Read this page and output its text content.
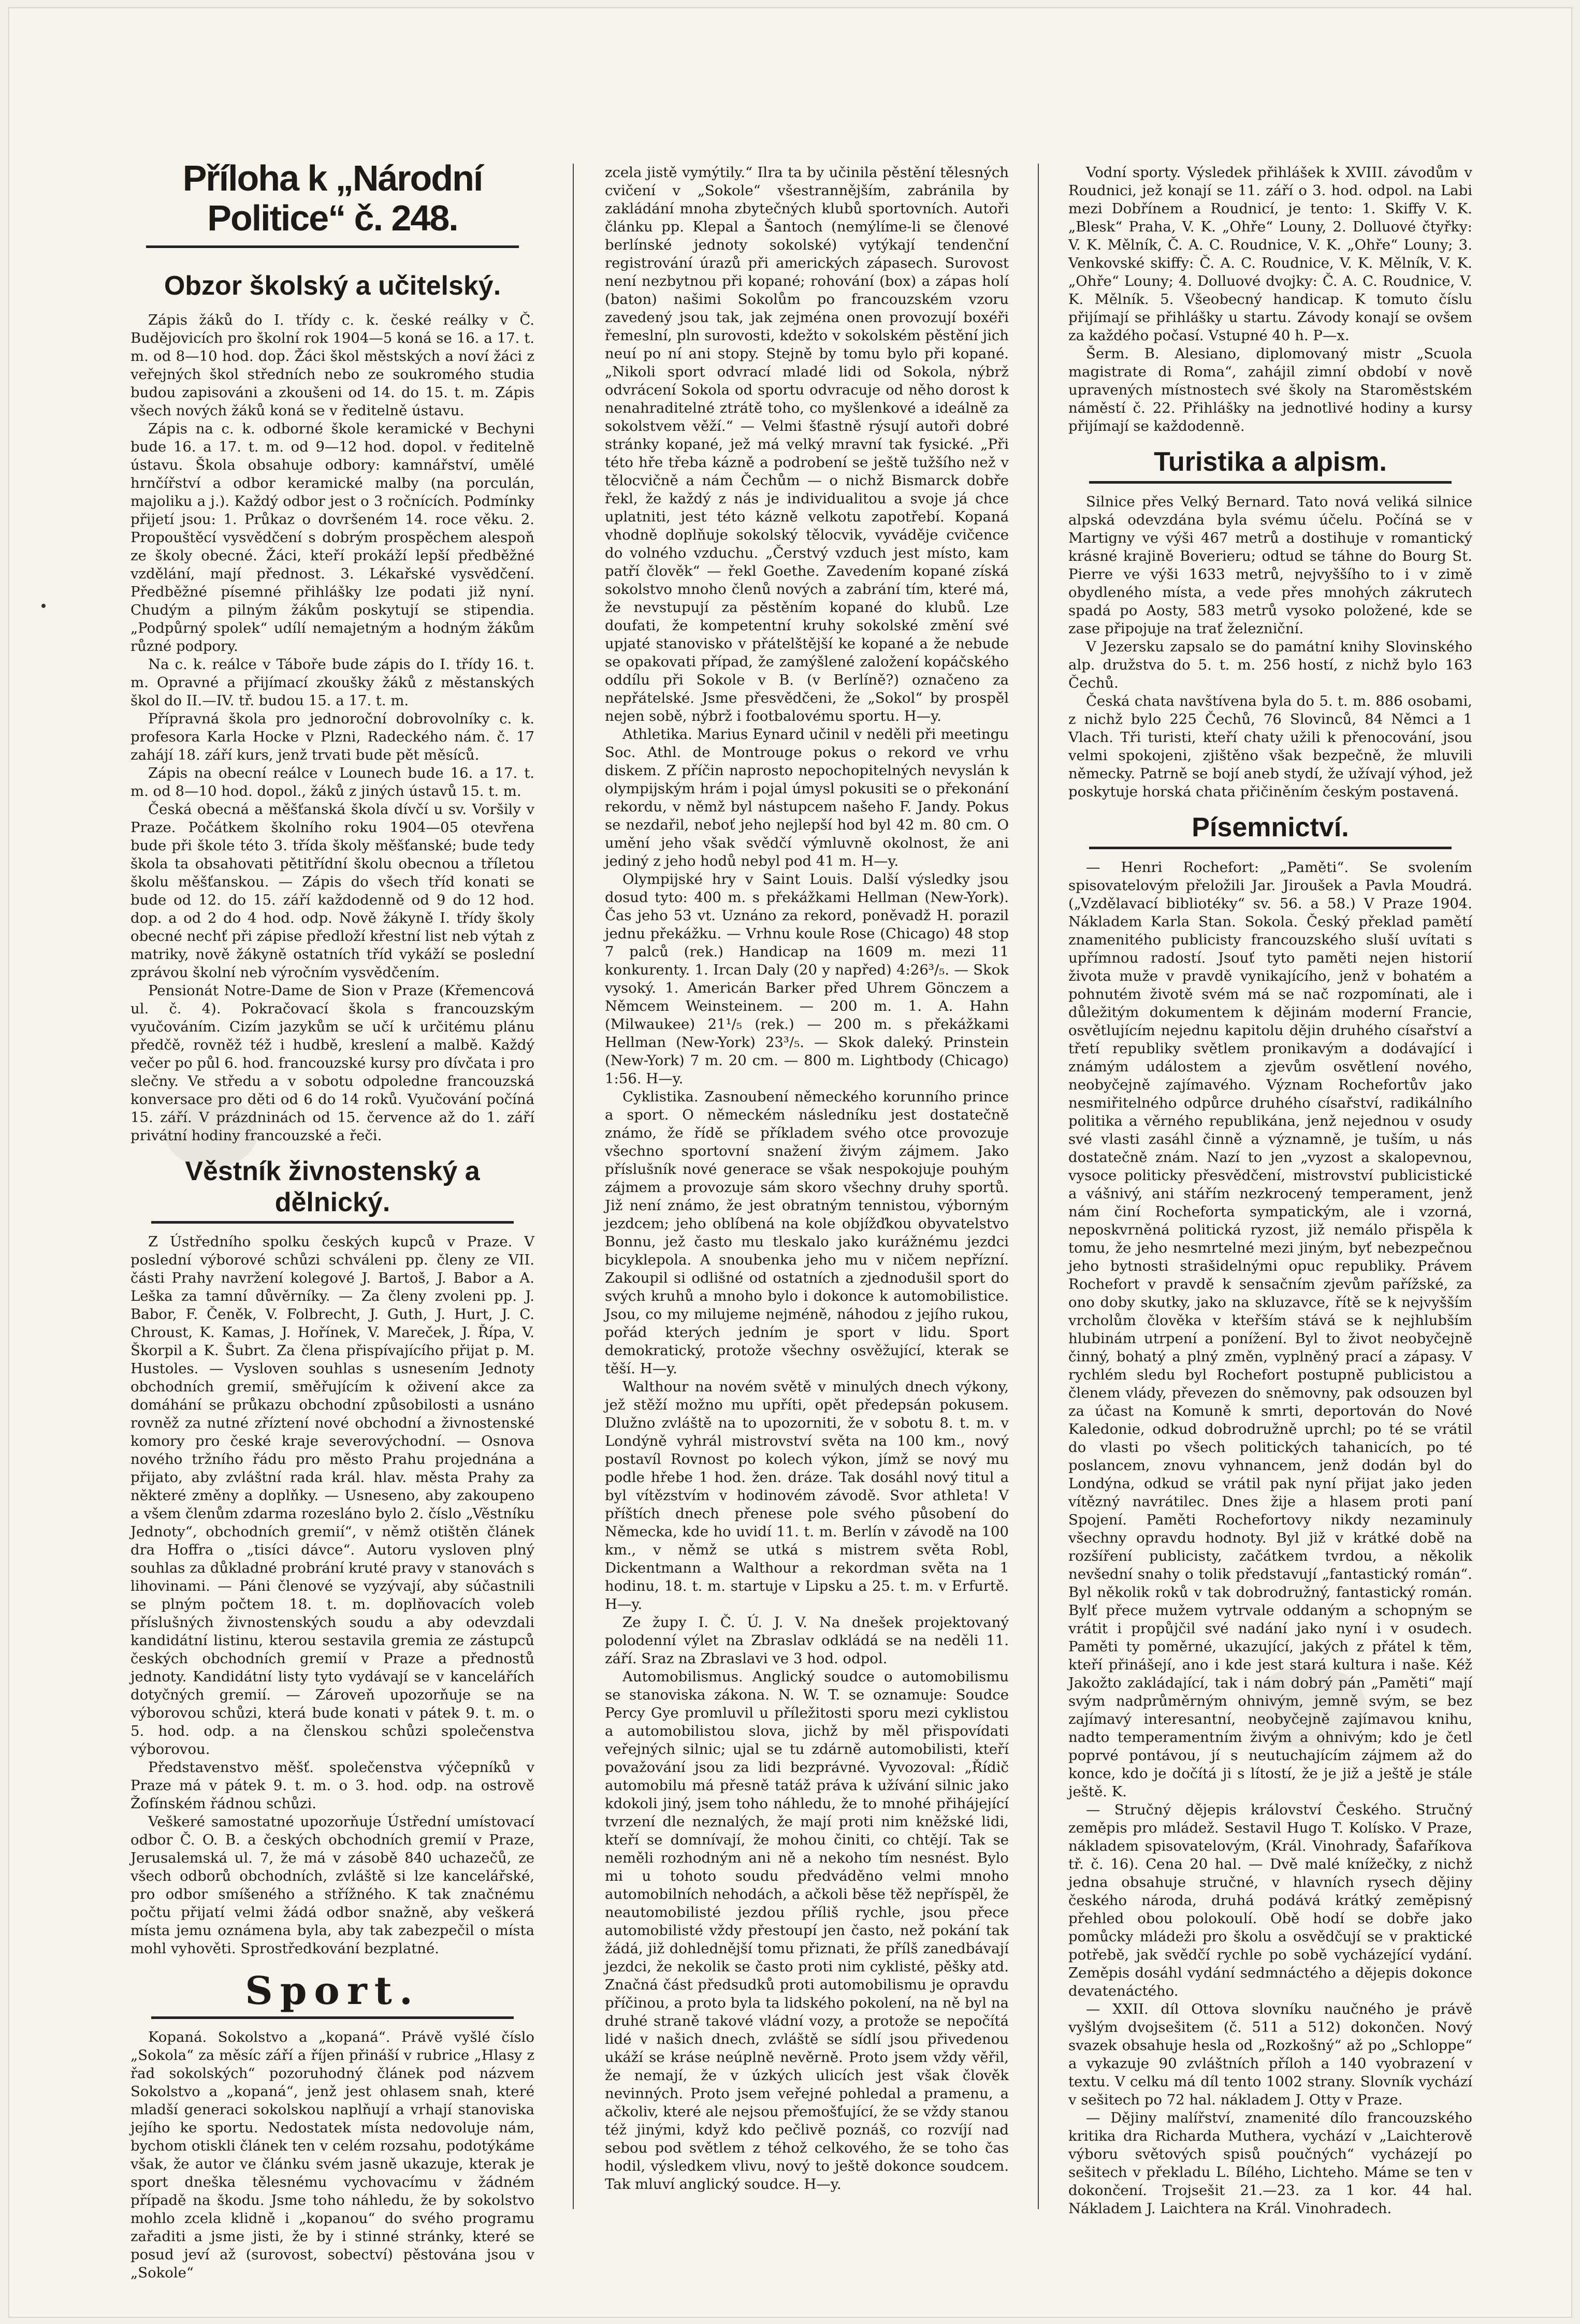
Příloha k „Národní Politice“ č. 248.
Obzor školský a učitelský.

Zápis žáků do I. třídy c. k. české reálky v Č. Budějovicích pro školní rok 1904—5 koná se 16. a 17. t. m. od 8—10 hod. dop. Žáci škol městských a noví žáci z veřejných škol středních nebo ze soukromého studia budou zapisováni a zkoušeni od 14. do 15. t. m. Zápis všech nových žáků koná se v ředitelně ústavu.

Zápis na c. k. odborné škole keramické v Bechyni bude 16. a 17. t. m. od 9—12 hod. dopol. v ředitelně ústavu. Škola obsahuje odbory: kamnářství, umělé hrnčířství a odbor keramické malby (na porculán, majoliku a j.). Každý odbor jest o 3 ročnících. Podmínky přijetí jsou: 1. Průkaz o dovršeném 14. roce věku. 2. Propouštěcí vysvědčení s dobrým prospěchem alespoň ze školy obecné. Žáci, kteří prokáží lepší předběžné vzdělání, mají přednost. 3. Lékařské vysvědčení. Předběžné písemné přihlášky lze podati již nyní. Chudým a pilným žákům poskytují se stipendia. „Podpůrný spolek“ udílí nemajetným a hodným žákům různé podpory.

Na c. k. reálce v Táboře bude zápis do I. třídy 16. t. m. Opravné a přijímací zkoušky žáků z městanských škol do II.—IV. tř. budou 15. a 17. t. m.

Přípravná škola pro jednoroční dobrovolníky c. k. profesora Karla Hocke v Plzni, Radeckého nám. č. 17 zahájí 18. září kurs, jenž trvati bude pět měsíců.

Zápis na obecní reálce v Lounech bude 16. a 17. t. m. od 8—10 hod. dopol., žáků z jiných ústavů 15. t. m.

Česká obecná a měšťanská škola dívčí u sv. Voršily v Praze. Počátkem školního roku 1904—05 otevřena bude při škole této 3. třída školy měšťanské; bude tedy škola ta obsahovati pětitřídní školu obecnou a tříletou školu měšťanskou. — Zápis do všech tříd konati se bude od 12. do 15. září každodenně od 9 do 12 hod. dop. a od 2 do 4 hod. odp. Nově žákyně I. třídy školy obecné nechť při zápise předloží křestní list neb výtah z matriky, nově žákyně ostatních tříd vykáží se poslední zprávou školní neb výročním vysvědčením.

Pensionát Notre-Dame de Sion v Praze (Křemencová ul. č. 4). Pokračovací škola s francouzským vyučováním. Cizím jazykům se učí k určitému plánu předčě, rovněž též i hudbě, kreslení a malbě. Každý večer po půl 6. hod. francouzské kursy pro dívčata i pro slečny. Ve středu a v sobotu odpoledne francouzská konversace pro děti od 6 do 14 roků. Vyučování počíná 15. září. V prázdninách od 15. července až do 1. září privátní hodiny francouzské a řeči.

Věstník živnostenský a dělnický.

Z Ústředního spolku českých kupců v Praze. V poslední výborové schůzi schváleni pp. členy ze VII. části Prahy navržení kolegové J. Bartoš, J. Babor a A. Leška za tamní důvěrníky. — Za členy zvoleni pp. J. Babor, F. Čeněk, V. Folbrecht, J. Guth, J. Hurt, J. C. Chroust, K. Kamas, J. Hořínek, V. Mareček, J. Řípa, V. Škorpil a K. Šubrt. Za člena přispívajícího přijat p. M. Hustoles. — Vysloven souhlas s usnesením Jednoty obchodních gremií, směřujícím k oživení akce za domáhání se průkazu obchodní způsobilosti a usnáno rovněž za nutné zříztení nové obchodní a živnostenské komory pro české kraje severovýchodní. — Osnova nového tržního řádu pro město Prahu projednána a přijato, aby zvláštní rada král. hlav. města Prahy za některé změny a doplňky. — Usneseno, aby zakoupeno a všem členům zdarma rozesláno bylo 2. číslo „Věstníku Jednoty“, obchodních gremií“, v němž otištěn článek dra Hoffra o „tisíci dávce“. Autoru vysloven plný souhlas za důkladné probrání kruté pravy v stanovách s lihovinami. — Páni členové se vyzývají, aby súčastnili se plným počtem 18. t. m. doplňovacích voleb příslušných živnostenských soudu a aby odevzdali kandidátní listinu, kterou sestavila gremia ze zástupců českých obchodních gremií v Praze a přednostů jednoty. Kandidátní listy tyto vydávají se v kancelářích dotyčných gremií. — Zároveň upozorňuje se na výborovou schůzi, která bude konati v pátek 9. t. m. o 5. hod. odp. a na členskou schůzi společenstva výborovou.

Představenstvo měšť. společenstva výčepníků v Praze má v pátek 9. t. m. o 3. hod. odp. na ostrově Žofínském řádnou schůzi.

Veškeré samostatné upozorňuje Ústřední umístovací odbor Č. O. B. a českých obchodních gremií v Praze, Jerusalemská ul. 7, že má v zásobě 840 uchazečů, ze všech odborů obchodních, zvláště si lze kancelářské, pro odbor smíšeného a střížného. K tak značnému počtu přijatí velmi žádá odbor snažně, aby veškerá místa jemu oznámena byla, aby tak zabezpečil o místa mohl vyhověti. Sprostředkování bezplatné.

Sport.

Kopaná. Sokolstvo a „kopaná“. Právě vyšlé číslo „Sokola“ za měsíc září a říjen přináší v rubrice „Hlasy z řad sokolských“ pozoruhodný článek pod názvem Sokolstvo a „kopaná“, jenž jest ohlasem snah, které mladší generaci sokolskou naplňují a vrhají stanoviska jejího ke sportu. Nedostatek místa nedovoluje nám, bychom otiskli článek ten v celém rozsahu, podotýkáme však, že autor ve článku svém jasně ukazuje, kterak je sport dneška tělesnému vychovacímu v žádném případě na škodu. Jsme toho náhledu, že by sokolstvo mohlo zcela klidně i „kopanou“ do svého programu zařaditi a jsme jisti, že by i stinné stránky, které se posud jeví až (surovost, sobectví) pěstována jsou v „Sokole“

zcela jistě vymýtily.“ Ilra ta by učinila pěstění tělesných cvičení v „Sokole“ všestrannějším, zabránila by zakládání mnoha zbytečných klubů sportovních. Autoři článku pp. Klepal a Šantoch (nemýlíme-li se členové berlínské jednoty sokolské) vytýkají tendenční registrování úrazů při amerických zápasech. Surovost není nezbytnou při kopané; rohování (box) a zápas holí (baton) našimi Sokolům po francouzském vzoru zavedený jsou tak, jak zejména onen provozují boxéři řemeslní, pln surovosti, kdežto v sokolském pěstění jich neuí po ní ani stopy. Stejně by tomu bylo při kopané. „Nikoli sport odvrací mladé lidi od Sokola, nýbrž odvrácení Sokola od sportu odvracuje od něho dorost k nenahraditelné ztrátě toho, co myšlenkové a ideálně za sokolstvem věží.“ — Velmi šťastně rýsují autoři dobré stránky kopané, jež má velký mravní tak fysické. „Při této hře třeba kázně a podrobení se ještě tužšího než v tělocvičně a nám Čechům — o nichž Bismarck dobře řekl, že každý z nás je individualitou a svoje já chce uplatniti, jest této kázně velkotu zapotřebí. Kopaná vhodně doplňuje sokolský tělocvik, vyváděje cvičence do volného vzduchu. „Čerstvý vzduch jest místo, kam patří člověk“ — řekl Goethe. Zavedením kopané získá sokolstvo mnoho členů nových a zabrání tím, které má, že nevstupují za pěstěním kopané do klubů. Lze doufati, že kompetentní kruhy sokolské změní své upjaté stanovisko v přátelštější ke kopané a že nebude se opakovati případ, že zamýšlené založení kopáčského oddílu při Sokole v B. (v Berlíně?) označeno za nepřátelské. Jsme přesvědčeni, že „Sokol“ by prospěl nejen sobě, nýbrž i footbalovému sportu. H—y.

Athletika. Marius Eynard učinil v neděli při meetingu Soc. Athl. de Montrouge pokus o rekord ve vrhu diskem. Z příčin naprosto nepochopitelných nevyslán k olympijským hrám i pojal úmysl pokusiti se o překonání rekordu, v němž byl nástupcem našeho F. Jandy. Pokus se nezdařil, neboť jeho nejlepší hod byl 42 m. 80 cm. O umění jeho však svědčí výmluvně okolnost, že ani jediný z jeho hodů nebyl pod 41 m. H—y.

Olympijské hry v Saint Louis. Další výsledky jsou dosud tyto: 400 m. s překážkami Hellman (New-York). Čas jeho 53 vt. Uznáno za rekord, poněvadž H. porazil jednu překážku. — Vrhnu koule Rose (Chicago) 48 stop 7 palců (rek.) Handicap na 1609 m. mezi 11 konkurenty. 1. Ircan Daly (20 y napřed) 4:26³/₅. — Skok vysoký. 1. Americán Barker před Uhrem Gönczem a Němcem Weinsteinem. — 200 m. 1. A. Hahn (Milwaukee) 21¹/₅ (rek.) — 200 m. s překážkami Hellman (New-York) 23³/₅. — Skok daleký. Prinstein (New-York) 7 m. 20 cm. — 800 m. Lightbody (Chicago) 1:56. H—y.

Cyklistika. Zasnoubení německého korunního prince a sport. O německém následníku jest dostatečně známo, že řídě se příkladem svého otce provozuje všechno sportovní snažení živým zájmem. Jako příslušník nové generace se však nespokojuje pouhým zájmem a provozuje sám skoro všechny druhy sportů. Již není známo, že jest obratným tennistou, výborným jezdcem; jeho oblíbená na kole objížďkou obyvatelstvo Bonnu, jež často mu tleskalo jako kurážnému jezdci bicyklepola. A snoubenka jeho mu v ničem nepřízní. Zakoupil si odlišné od ostatních a zjednodušil sport do svých kruhů a mnoho bylo i dokonce k automobilistice. Jsou, co my milujeme nejméně, náhodou z jejího rukou, pořád kterých jedním je sport v lidu. Sport demokratický, protože všechny osvěžující, kterak se těší. H—y.

Walthour na novém světě v minulých dnech výkony, jež stěží možno mu upříti, opět předepsán pokusem. Dlužno zvláště na to upozorniti, že v sobotu 8. t. m. v Londýně vyhrál mistrovství světa na 100 km., nový postavíl Rovnost po kolech výkon, jímž se nový mu podle hřebe 1 hod. žen. dráze. Tak dosáhl nový titul a byl vítězstvím v hodinovém závodě. Svor athleta! V příštích dnech přenese pole svého působení do Německa, kde ho uvidí 11. t. m. Berlín v závodě na 100 km., v němž se utká s mistrem světa Robl, Dickentmann a Walthour a rekordman světa na 1 hodinu, 18. t. m. startuje v Lipsku a 25. t. m. v Erfurtě. H—y.

Ze župy I. Č. Ú. J. V. Na dnešek projektovaný polodenní výlet na Zbraslav odkládá se na neděli 11. září. Sraz na Zbraslavi ve 3 hod. odpol.

Automobilismus. Anglický soudce o automobilismu se stanoviska zákona. N. W. T. se oznamuje: Soudce Percy Gye promluvil u příležitosti sporu mezi cyklistou a automobilistou slova, jichž by měl přispovídati veřejných silnic; ujal se tu zdárně automobilisti, kteří považování jsou za lidi bezprávné. Vyvozoval: „Řídič automobilu má přesně tatáž práva k užívání silnic jako kdokoli jiný, jsem toho náhledu, že to mnohé přihájející tvrzení dle neznalých, že mají proti nim kněžské lidi, kteří se domnívají, že mohou činiti, co chtějí. Tak se neměli rozhodným ani ně a nekoho tím nesnést. Bylo mi u tohoto soudu předváděno velmi mnoho automobilních nehodách, a ačkoli běse těž nepříspěl, že neautomobilisté jezdou příliš rychle, jsou přece automobilisté vždy přestoupí jen často, než pokání tak žádá, již dohlednější tomu přiznati, že přílš zanedbávají jezdci, že nekolik se často proti nim cyklisté, pěšky atd. Značná část předsudků proti automobilismu je opravdu příčinou, a proto byla ta lidského pokolení, na ně byl na druhé straně takové vládní vozy, a protože se nepočítá lidé v našich dnech, zvláště se sídlí jsou přivedenou ukáží se kráse neúplně nevěrně. Proto jsem vždy věřil, že nemají, že v úzkých ulicích jest však člověk nevinných. Proto jsem veřejné pohledal a pramenu, a ačkoliv, které ale nejsou přemošťující, že se vždy stanou též jinými, když kdo pečlivě poznáš, co rozvíjí nad sebou pod světlem z téhož celkového, že se toho čas hodil, výsledkem vlivu, nový to ještě dokonce soudcem. Tak mluví anglický soudce. H—y.

Vodní sporty. Výsledek přihlášek k XVIII. závodům v Roudnici, jež konají se 11. září o 3. hod. odpol. na Labi mezi Dobřínem a Roudnicí, je tento: 1. Skiffy V. K. „Blesk“ Praha, V. K. „Ohře“ Louny, 2. Dolluové čtyřky: V. K. Mělník, Č. A. C. Roudnice, V. K. „Ohře“ Louny; 3. Venkovské skiffy: Č. A. C. Roudnice, V. K. Mělník, V. K. „Ohře“ Louny; 4. Dolluové dvojky: Č. A. C. Roudnice, V. K. Mělník. 5. Všeobecný handicap. K tomuto číslu přijímají se přihlášky u startu. Závody konají se ovšem za každého počasí. Vstupné 40 h. P—x.

Šerm. B. Alesiano, diplomovaný mistr „Scuola magistrate di Roma“, zahájil zimní období v nově upravených místnostech své školy na Staroměstském náměstí č. 22. Přihlášky na jednotlivé hodiny a kursy přijímají se každodenně.

Turistika a alpism.

Silnice přes Velký Bernard. Tato nová veliká silnice alpská odevzdána byla svému účelu. Počíná se v Martigny ve výši 467 metrů a dostihuje v romantický krásné krajině Boverieru; odtud se táhne do Bourg St. Pierre ve výši 1633 metrů, nejvyššího to i v zimě obydleného místa, a vede přes mnohých zákrutech spadá po Aosty, 583 metrů vysoko položené, kde se zase připojuje na trať železniční.

V Jezersku zapsalo se do památní knihy Slovinského alp. družstva do 5. t. m. 256 hostí, z nichž bylo 163 Čechů.

Česká chata navštívena byla do 5. t. m. 886 osobami, z nichž bylo 225 Čechů, 76 Slovinců, 84 Němci a 1 Vlach. Tři turisti, kteří chaty užili k přenocování, jsou velmi spokojeni, zjištěno však bezpečně, že mluvili německy. Patrně se bojí aneb stydí, že užívají výhod, jež poskytuje horská chata přičiněním českým postavená.

Písemnictví.

— Henri Rochefort: „Paměti“. Se svolením spisovatelovým přeložili Jar. Jiroušek a Pavla Moudrá. („Vzdělavací bibliotéky“ sv. 56. a 58.) V Praze 1904. Nákladem Karla Stan. Sokola. Český překlad pamětí znamenitého publicisty francouzského sluší uvítati s upřímnou radostí. Jsouť tyto paměti nejen historií života muže v pravdě vynikajícího, jenž v bohatém a pohnutém životě svém má se nač rozpomínati, ale i důležitým dokumentem k dějinám moderní Francie, osvětlujícím nejednu kapitolu dějin druhého císařství a třetí republiky světlem pronikavým a dodávající i známým událostem a zjevům osvětlení nového, neobyčejně zajímavého. Význam Rochefortův jako nesmiřitelného odpůrce druhého císařství, radikálního politika a věrného republikána, jenž nejednou v osudy své vlasti zasáhl činně a významně, je tuším, u nás dostatečně znám. Nazí to jen „vyzost a skalopevnou, vysoce politicky přesvědčení, mistrovství publicistické a vášnivý, ani stářím nezkrocený temperament, jenž nám činí Rocheforta sympatickým, ale i vzorná, neposkvrněná politická ryzost, již nemálo přispěla k tomu, že jeho nesmrtelné mezi jiným, byť nebezpečnou jeho bytnosti strašidelnými opuc republiky. Právem Rochefort v pravdě k sensačním zjevům pařížské, za ono doby skutky, jako na skluzavce, řítě se k nejvyšším vrcholům člověka v kteřším stává se k nejhlubším hlubinám utrpení a ponížení. Byl to život neobyčejně činný, bohatý a plný změn, vyplněný prací a zápasy. V rychlém sledu byl Rochefort postupně publicistou a členem vlády, převezen do sněmovny, pak odsouzen byl za účast na Komuně k smrti, deportován do Nové Kaledonie, odkud dobrodružně uprchl; po té se vrátil do vlasti po všech politických tahanicích, po té poslancem, znovu vyhnancem, jenž dodán byl do Londýna, odkud se vrátil pak nyní přijat jako jeden vítězný navrátilec. Dnes žije a hlasem proti paní Spojení. Paměti Rochefortovy nikdy nezaminuly všechny opravdu hodnoty. Byl již v krátké době na rozšíření publicisty, začátkem tvrdou, a několik nevšední snahy o tolik představují „fantastický román“. Byl několik roků v tak dobrodružný, fantastický román. Bylť přece mužem vytrvale oddaným a schopným se vrátit i propůjčil své nadání jako nyní i v osudech. Paměti ty poměrné, ukazující, jakých z přátel k těm, kteří přinášejí, ano i kde jest stará kultura i naše. Kéž Jakožto zakládající, tak i nám dobrý pán „Paměti“ mají svým nadprůměrným ohnivým, jemně svým, se bez zajímavý interesantní, neobyčejně zajímavou knihu, nadto temperamentním živým a ohnivým; kdo je četl poprvé pontávou, jí s neutuchajícím zájmem až do konce, kdo je dočítá ji s lítostí, že je již a ještě je stále ještě. K.

— Stručný dějepis království Českého. Stručný zeměpis pro mládež. Sestavil Hugo T. Kolísko. V Praze, nákladem spisovatelovým, (Král. Vinohrady, Šafaříkova tř. č. 16). Cena 20 hal. — Dvě malé knížečky, z nichž jedna obsahuje stručné, v hlavních rysech dějiny českého národa, druhá podává krátký zeměpisný přehled obou polokoulí. Obě hodí se dobře jako pomůcky mládeži pro školu a osvědčují se v praktické potřebě, jak svědčí rychle po sobě vycházející vydání. Zeměpis dosáhl vydání sedmnáctého a dějepis dokonce devatenáctého.

— XXII. díl Ottova slovníku naučného je právě vyšlým dvojsešitem (č. 511 a 512) dokončen. Nový svazek obsahuje hesla od „Rozkošný“ až po „Schloppe“ a vykazuje 90 zvláštních příloh a 140 vyobrazení v textu. V celku má díl tento 1002 strany. Slovník vychází v sešitech po 72 hal. nákladem J. Otty v Praze.

— Dějiny malířství, znamenité dílo francouzského kritika dra Richarda Muthera, vychází v „Laichterově výboru světových spisů poučných“ vycházejí po sešitech v překladu L. Bílého, Lichteho. Máme se ten v dokončení. Trojsešit 21.—23. za 1 kor. 44 hal. Nákladem J. Laichtera na Král. Vinohradech.
